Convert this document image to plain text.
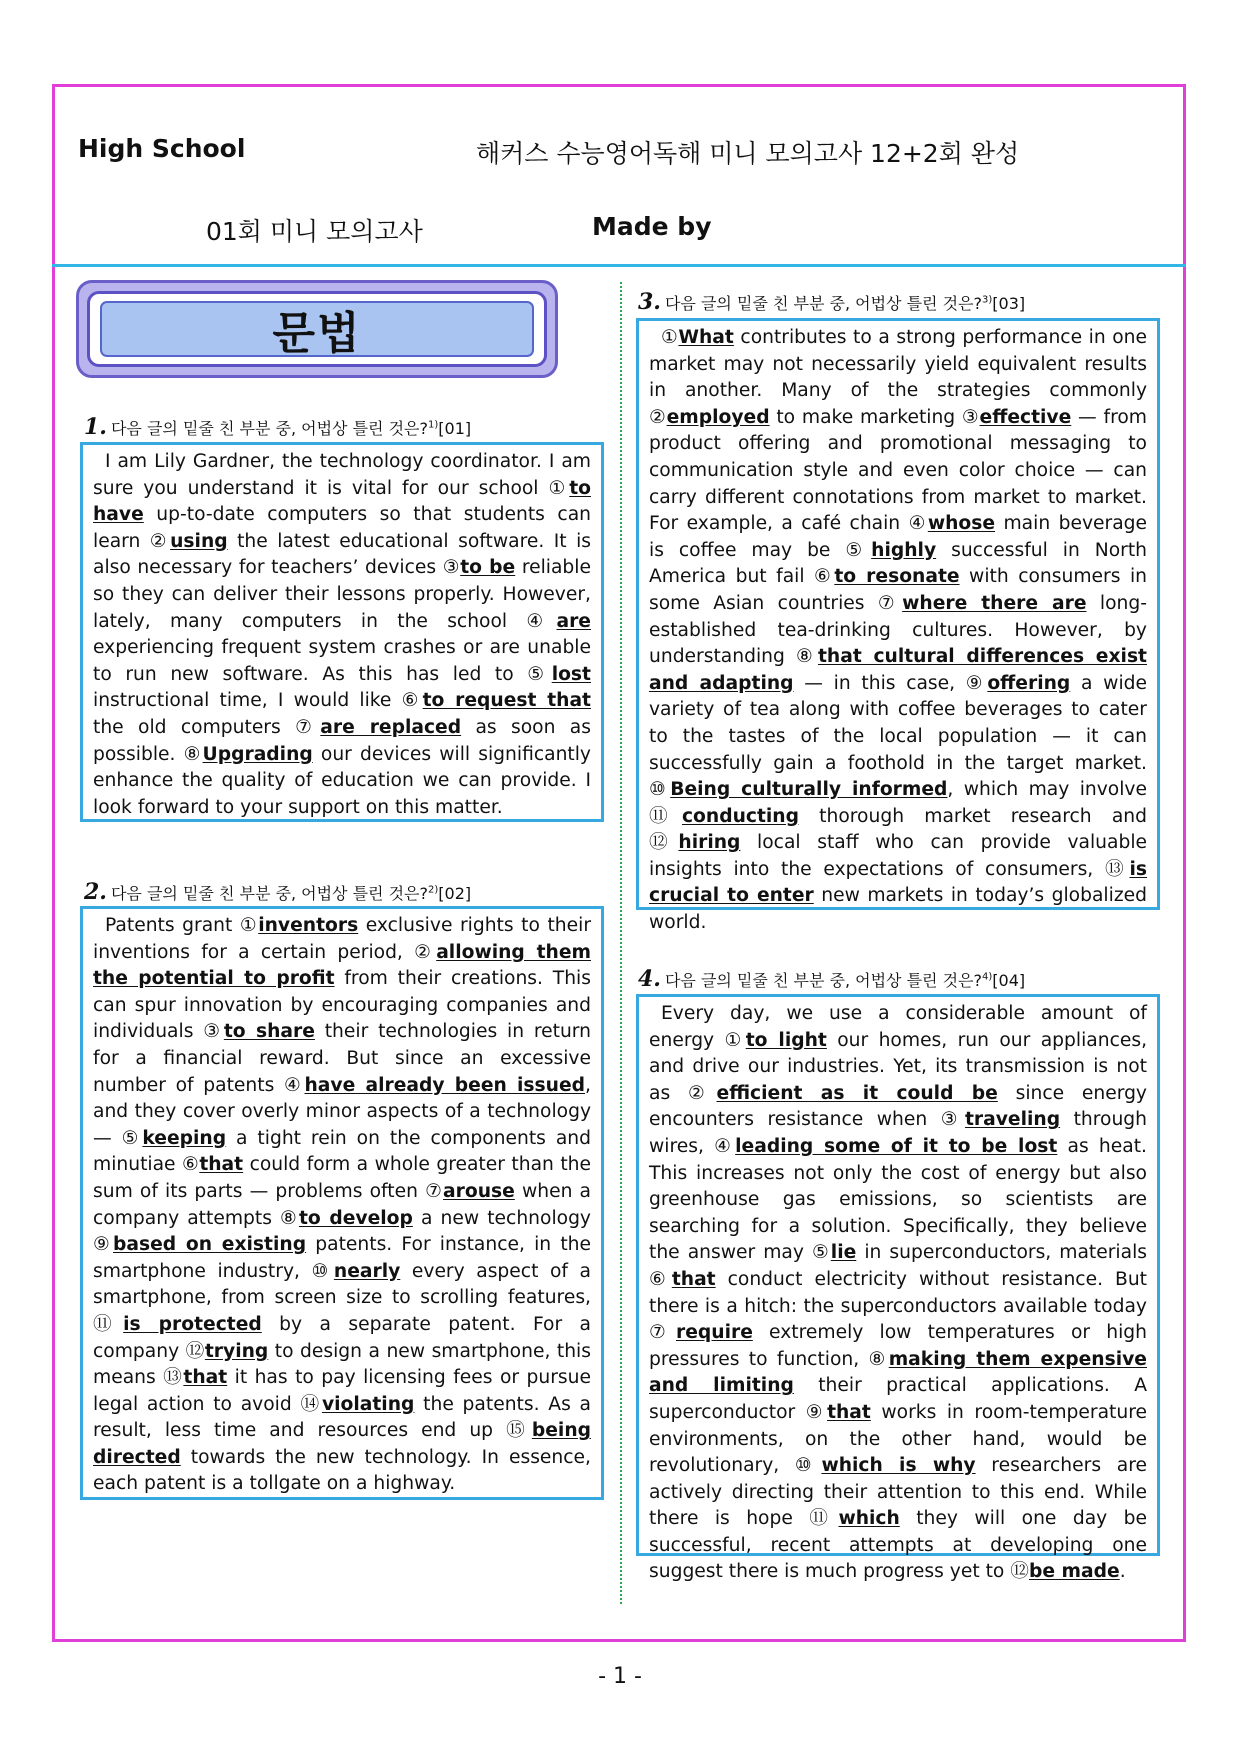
High School	해커스 수능영어독해 미니 모의고사 12+2회 완성
01회 미니 모의고사	Made by
문법
1. 다음 글의 밑줄 친 부분 중, 어법상 틀린 것은?$^{1)}$[01]
I am Lily Gardner, the technology coordinator. I am sure you understand it is vital for our school ①to have up-to-date computers so that students can learn ②using the latest educational software. It is also necessary for teachers’ devices ③to be reliable so they can deliver their lessons properly. However, lately, many computers in the school ④are experiencing frequent system crashes or are unable to run new software. As this has led to ⑤lost instructional time, I would like ⑥to request that the old computers ⑦are replaced as soon as possible. ⑧Upgrading our devices will significantly enhance the quality of education we can provide. I look forward to your support on this matter.
2. 다음 글의 밑줄 친 부분 중, 어법상 틀린 것은?$^{2)}$[02]
Patents grant ①inventors exclusive rights to their inventions for a certain period, ②allowing them the potential to profit from their creations. This can spur innovation by encouraging companies and individuals ③to share their technologies in return for a financial reward. But since an excessive number of patents ④have already been issued, and they cover overly minor aspects of a technology — ⑤keeping a tight rein on the components and minutiae ⑥that could form a whole greater than the sum of its parts — problems often ⑦arouse when a company attempts ⑧to develop a new technology ⑨based on existing patents. For instance, in the smartphone industry, ⑩nearly every aspect of a smartphone, from screen size to scrolling features, ⑪is protected by a separate patent. For a company ⑫trying to design a new smartphone, this means ⑬that it has to pay licensing fees or pursue legal action to avoid ⑭violating the patents. As a result, less time and resources end up ⑮being directed towards the new technology. In essence, each patent is a tollgate on a highway.
3. 다음 글의 밑줄 친 부분 중, 어법상 틀린 것은?$^{3)}$[03]
①What contributes to a strong performance in one market may not necessarily yield equivalent results in another. Many of the strategies commonly ②employed to make marketing ③effective — from product offering and promotional messaging to communication style and even color choice — can carry different connotations from market to market. For example, a café chain ④whose main beverage is coffee may be ⑤highly successful in North America but fail ⑥to resonate with consumers in some Asian countries ⑦where there are long-established tea-drinking cultures. However, by understanding ⑧that cultural differences exist and adapting — in this case, ⑨offering a wide variety of tea along with coffee beverages to cater to the tastes of the local population — it can successfully gain a foothold in the target market. ⑩Being culturally informed, which may involve ⑪conducting thorough market research and ⑫hiring local staff who can provide valuable insights into the expectations of consumers, ⑬is crucial to enter new markets in today’s globalized world.
4. 다음 글의 밑줄 친 부분 중, 어법상 틀린 것은?$^{4)}$[04]
Every day, we use a considerable amount of energy ①to light our homes, run our appliances, and drive our industries. Yet, its transmission is not as ②efficient as it could be since energy encounters resistance when ③traveling through wires, ④leading some of it to be lost as heat. This increases not only the cost of energy but also greenhouse gas emissions, so scientists are searching for a solution. Specifically, they believe the answer may ⑤lie in superconductors, materials ⑥that conduct electricity without resistance. But there is a hitch: the superconductors available today ⑦require extremely low temperatures or high pressures to function, ⑧making them expensive and limiting their practical applications. A superconductor ⑨that works in room-temperature environments, on the other hand, would be revolutionary, ⑩which is why researchers are actively directing their attention to this end. While there is hope ⑪which they will one day be successful, recent attempts at developing one suggest there is much progress yet to ⑫be made.
- 1 -
